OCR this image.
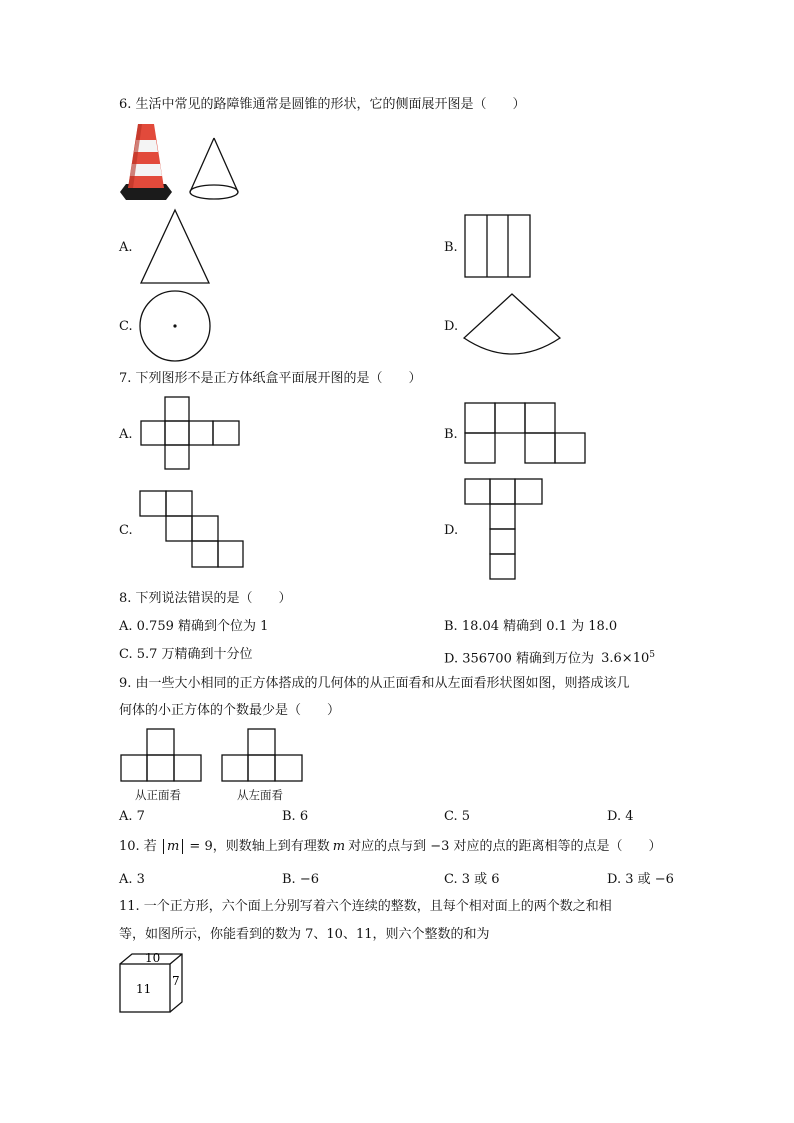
6. 生活中常见的路障锥通常是圆锥的形状，它的侧面展开图是（　　）
A.	B.
C.	D.
7. 下列图形不是正方体纸盒平面展开图的是（　　）
A.	B.
C.	D.
8. 下列说法错误的是（　　）
A. 0.759 精确到个位为 1	B. 18.04 精确到 0.1 为 18.0
C. 5.7 万精确到十分位	D. 356700 精确到万位为 $3.6\times 10^5$
9. 由一些大小相同的正方体搭成的几何体的从正面看和从左面看形状图如图，则搭成该几
何体的小正方体的个数最少是（　　）
从正面看	从左面看
A. 7	B. 6	C. 5	D. 4
10. 若 m = 9，则数轴上到有理数 m 对应的点与到 −3 对应的点的距离相等的点是（　　）
A. 3	B. −6	C. 3 或 6	D. 3 或 −6
11. 一个正方形，六个面上分别写着六个连续的整数，且每个相对面上的两个数之和相
等，如图所示，你能看到的数为 7、10、11，则六个整数的和为
10
11
7
